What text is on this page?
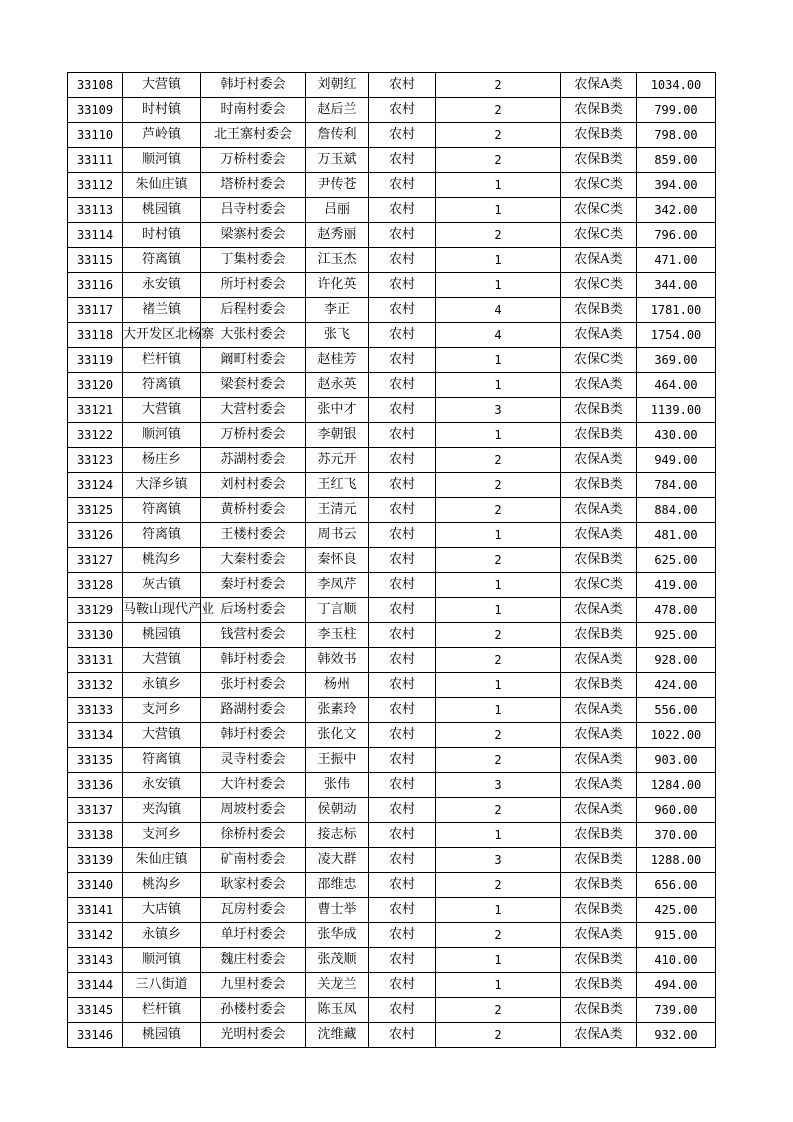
33108	大营镇	韩圩村委会	刘朝红	农村	2	农保A类	1034.00
33109	时村镇	时南村委会	赵后兰	农村	2	农保B类	799.00
33110	芦岭镇	北王寨村委会	詹传利	农村	2	农保B类	798.00
33111	顺河镇	万桥村委会	万玉斌	农村	2	农保B类	859.00
33112	朱仙庄镇	塔桥村委会	尹传苍	农村	1	农保C类	394.00
33113	桃园镇	吕寺村委会	吕丽	农村	1	农保C类	342.00
33114	时村镇	梁寨村委会	赵秀丽	农村	2	农保C类	796.00
33115	符离镇	丁集村委会	江玉杰	农村	1	农保A类	471.00
33116	永安镇	所圩村委会	许化英	农村	1	农保C类	344.00
33117	褚兰镇	后程村委会	李正	农村	4	农保B类	1781.00
33118	大开发区北杨寨	大张村委会	张飞	农村	4	农保A类	1754.00
33119	栏杆镇	阚町村委会	赵桂芳	农村	1	农保C类	369.00
33120	符离镇	梁套村委会	赵永英	农村	1	农保A类	464.00
33121	大营镇	大营村委会	张中才	农村	3	农保B类	1139.00
33122	顺河镇	万桥村委会	李朝银	农村	1	农保B类	430.00
33123	杨庄乡	苏湖村委会	苏元开	农村	2	农保A类	949.00
33124	大泽乡镇	刘村村委会	王红飞	农村	2	农保B类	784.00
33125	符离镇	黄桥村委会	王清元	农村	2	农保A类	884.00
33126	符离镇	王楼村委会	周书云	农村	1	农保A类	481.00
33127	桃沟乡	大秦村委会	秦怀良	农村	2	农保B类	625.00
33128	灰古镇	秦圩村委会	李凤芹	农村	1	农保C类	419.00
33129	马鞍山现代产业	后场村委会	丁言顺	农村	1	农保A类	478.00
33130	桃园镇	钱营村委会	李玉柱	农村	2	农保B类	925.00
33131	大营镇	韩圩村委会	韩效书	农村	2	农保A类	928.00
33132	永镇乡	张圩村委会	杨州	农村	1	农保B类	424.00
33133	支河乡	路湖村委会	张素玲	农村	1	农保A类	556.00
33134	大营镇	韩圩村委会	张化文	农村	2	农保A类	1022.00
33135	符离镇	灵寺村委会	王振中	农村	2	农保A类	903.00
33136	永安镇	大许村委会	张伟	农村	3	农保A类	1284.00
33137	夹沟镇	周坡村委会	侯朝动	农村	2	农保A类	960.00
33138	支河乡	徐桥村委会	接志标	农村	1	农保B类	370.00
33139	朱仙庄镇	矿南村委会	凌大群	农村	3	农保B类	1288.00
33140	桃沟乡	耿家村委会	邵维忠	农村	2	农保B类	656.00
33141	大店镇	瓦房村委会	曹士举	农村	1	农保B类	425.00
33142	永镇乡	单圩村委会	张华成	农村	2	农保A类	915.00
33143	顺河镇	魏庄村委会	张茂顺	农村	1	农保B类	410.00
33144	三八街道	九里村委会	关龙兰	农村	1	农保B类	494.00
33145	栏杆镇	孙楼村委会	陈玉凤	农村	2	农保B类	739.00
33146	桃园镇	光明村委会	沈维藏	农村	2	农保A类	932.00
